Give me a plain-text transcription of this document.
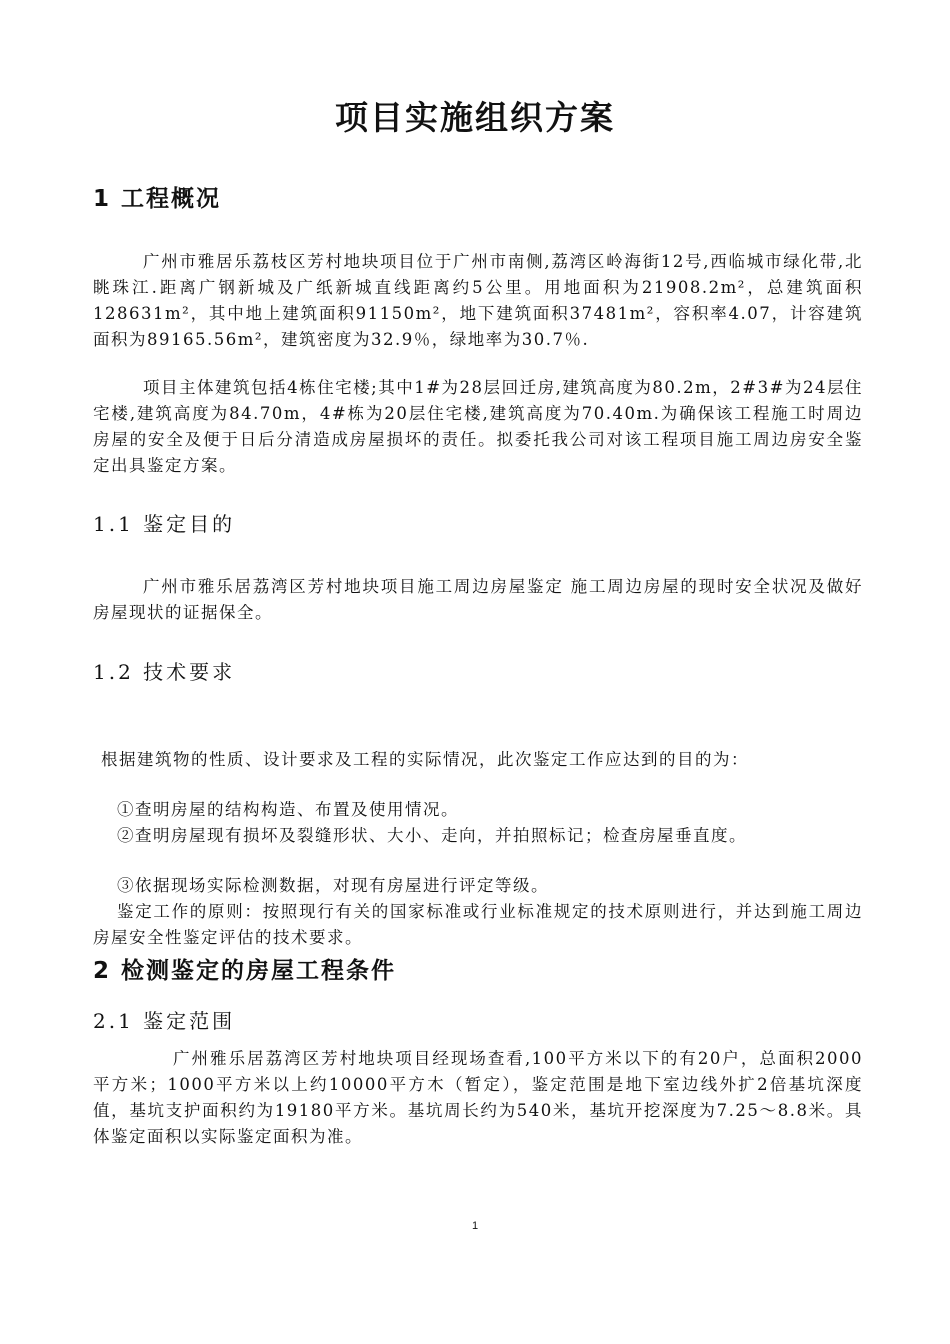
项目实施组织方案
1 工程概况
广州市雅居乐荔枝区芳村地块项目位于广州市南侧,荔湾区岭海街12号,西临城市绿化带,北眺珠江.距离广钢新城及广纸新城直线距离约5公里。用地面积为21908.2m²，总建筑面积128631m²，其中地上建筑面积91150m²，地下建筑面积37481m²，容积率4.07，计容建筑面积为89165.56m²，建筑密度为32.9％，绿地率为30.7％.
项目主体建筑包括4栋住宅楼;其中1#为28层回迁房,建筑高度为80.2m，2#3#为24层住宅楼,建筑高度为84.70m，4#栋为20层住宅楼,建筑高度为70.40m.为确保该工程施工时周边房屋的安全及便于日后分清造成房屋损坏的责任。拟委托我公司对该工程项目施工周边房安全鉴定出具鉴定方案。
1.1 鉴定目的
广州市雅乐居荔湾区芳村地块项目施工周边房屋鉴定 施工周边房屋的现时安全状况及做好房屋现状的证据保全。
1.2 技术要求
根据建筑物的性质、设计要求及工程的实际情况，此次鉴定工作应达到的目的为：
①查明房屋的结构构造、布置及使用情况。
②查明房屋现有损坏及裂缝形状、大小、走向，并拍照标记；检查房屋垂直度。
③依据现场实际检测数据，对现有房屋进行评定等级。
鉴定工作的原则：按照现行有关的国家标准或行业标准规定的技术原则进行，并达到施工周边房屋安全性鉴定评估的技术要求。
2 检测鉴定的房屋工程条件
2.1 鉴定范围
广州雅乐居荔湾区芳村地块项目经现场查看,100平方米以下的有20户，总面积2000平方米；1000平方米以上约10000平方木（暂定），鉴定范围是地下室边线外扩2倍基坑深度值，基坑支护面积约为19180平方米。基坑周长约为540米，基坑开挖深度为7.25～8.8米。具体鉴定面积以实际鉴定面积为准。
1
